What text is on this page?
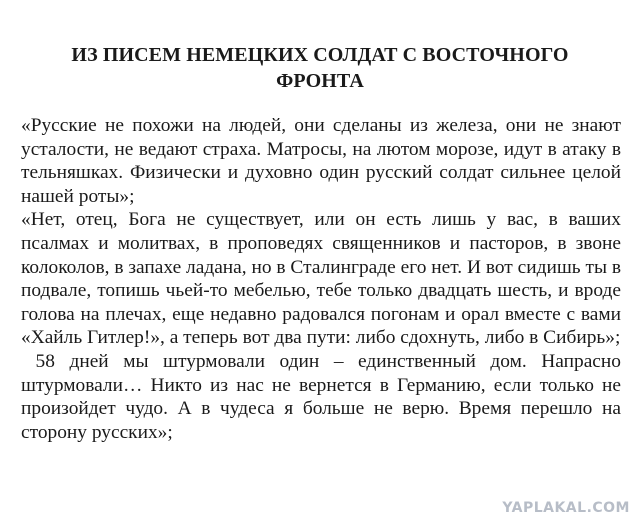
ИЗ ПИСЕМ НЕМЕЦКИХ СОЛДАТ С ВОСТОЧНОГО ФРОНТА

«Русские не похожи на людей, они сделаны из железа, они не знают усталости, не ведают страха. Матросы, на лютом морозе, идут в атаку в тельняшках. Физически и духовно один русский солдат сильнее целой нашей роты»;

«Нет, отец, Бога не существует, или он есть лишь у вас, в ваших псалмах и молитвах, в проповедях священников и пасторов, в звоне колоколов, в запахе ладана, но в Сталинграде его нет. И вот сидишь ты в подвале, топишь чьей-то мебелью, тебе только двадцать шесть, и вроде голова на плечах, еще недавно радовался погонам и орал вместе с вами «Хайль Гитлер!», а теперь вот два пути: либо сдохнуть, либо в Сибирь»;

58 дней мы штурмовали один – единственный дом. Напрасно штурмовали… Никто из нас не вернется в Германию, если только не произойдет чудо. А в чудеса я больше не верю. Время перешло на сторону русских»;

YAPLAKAL.COM
